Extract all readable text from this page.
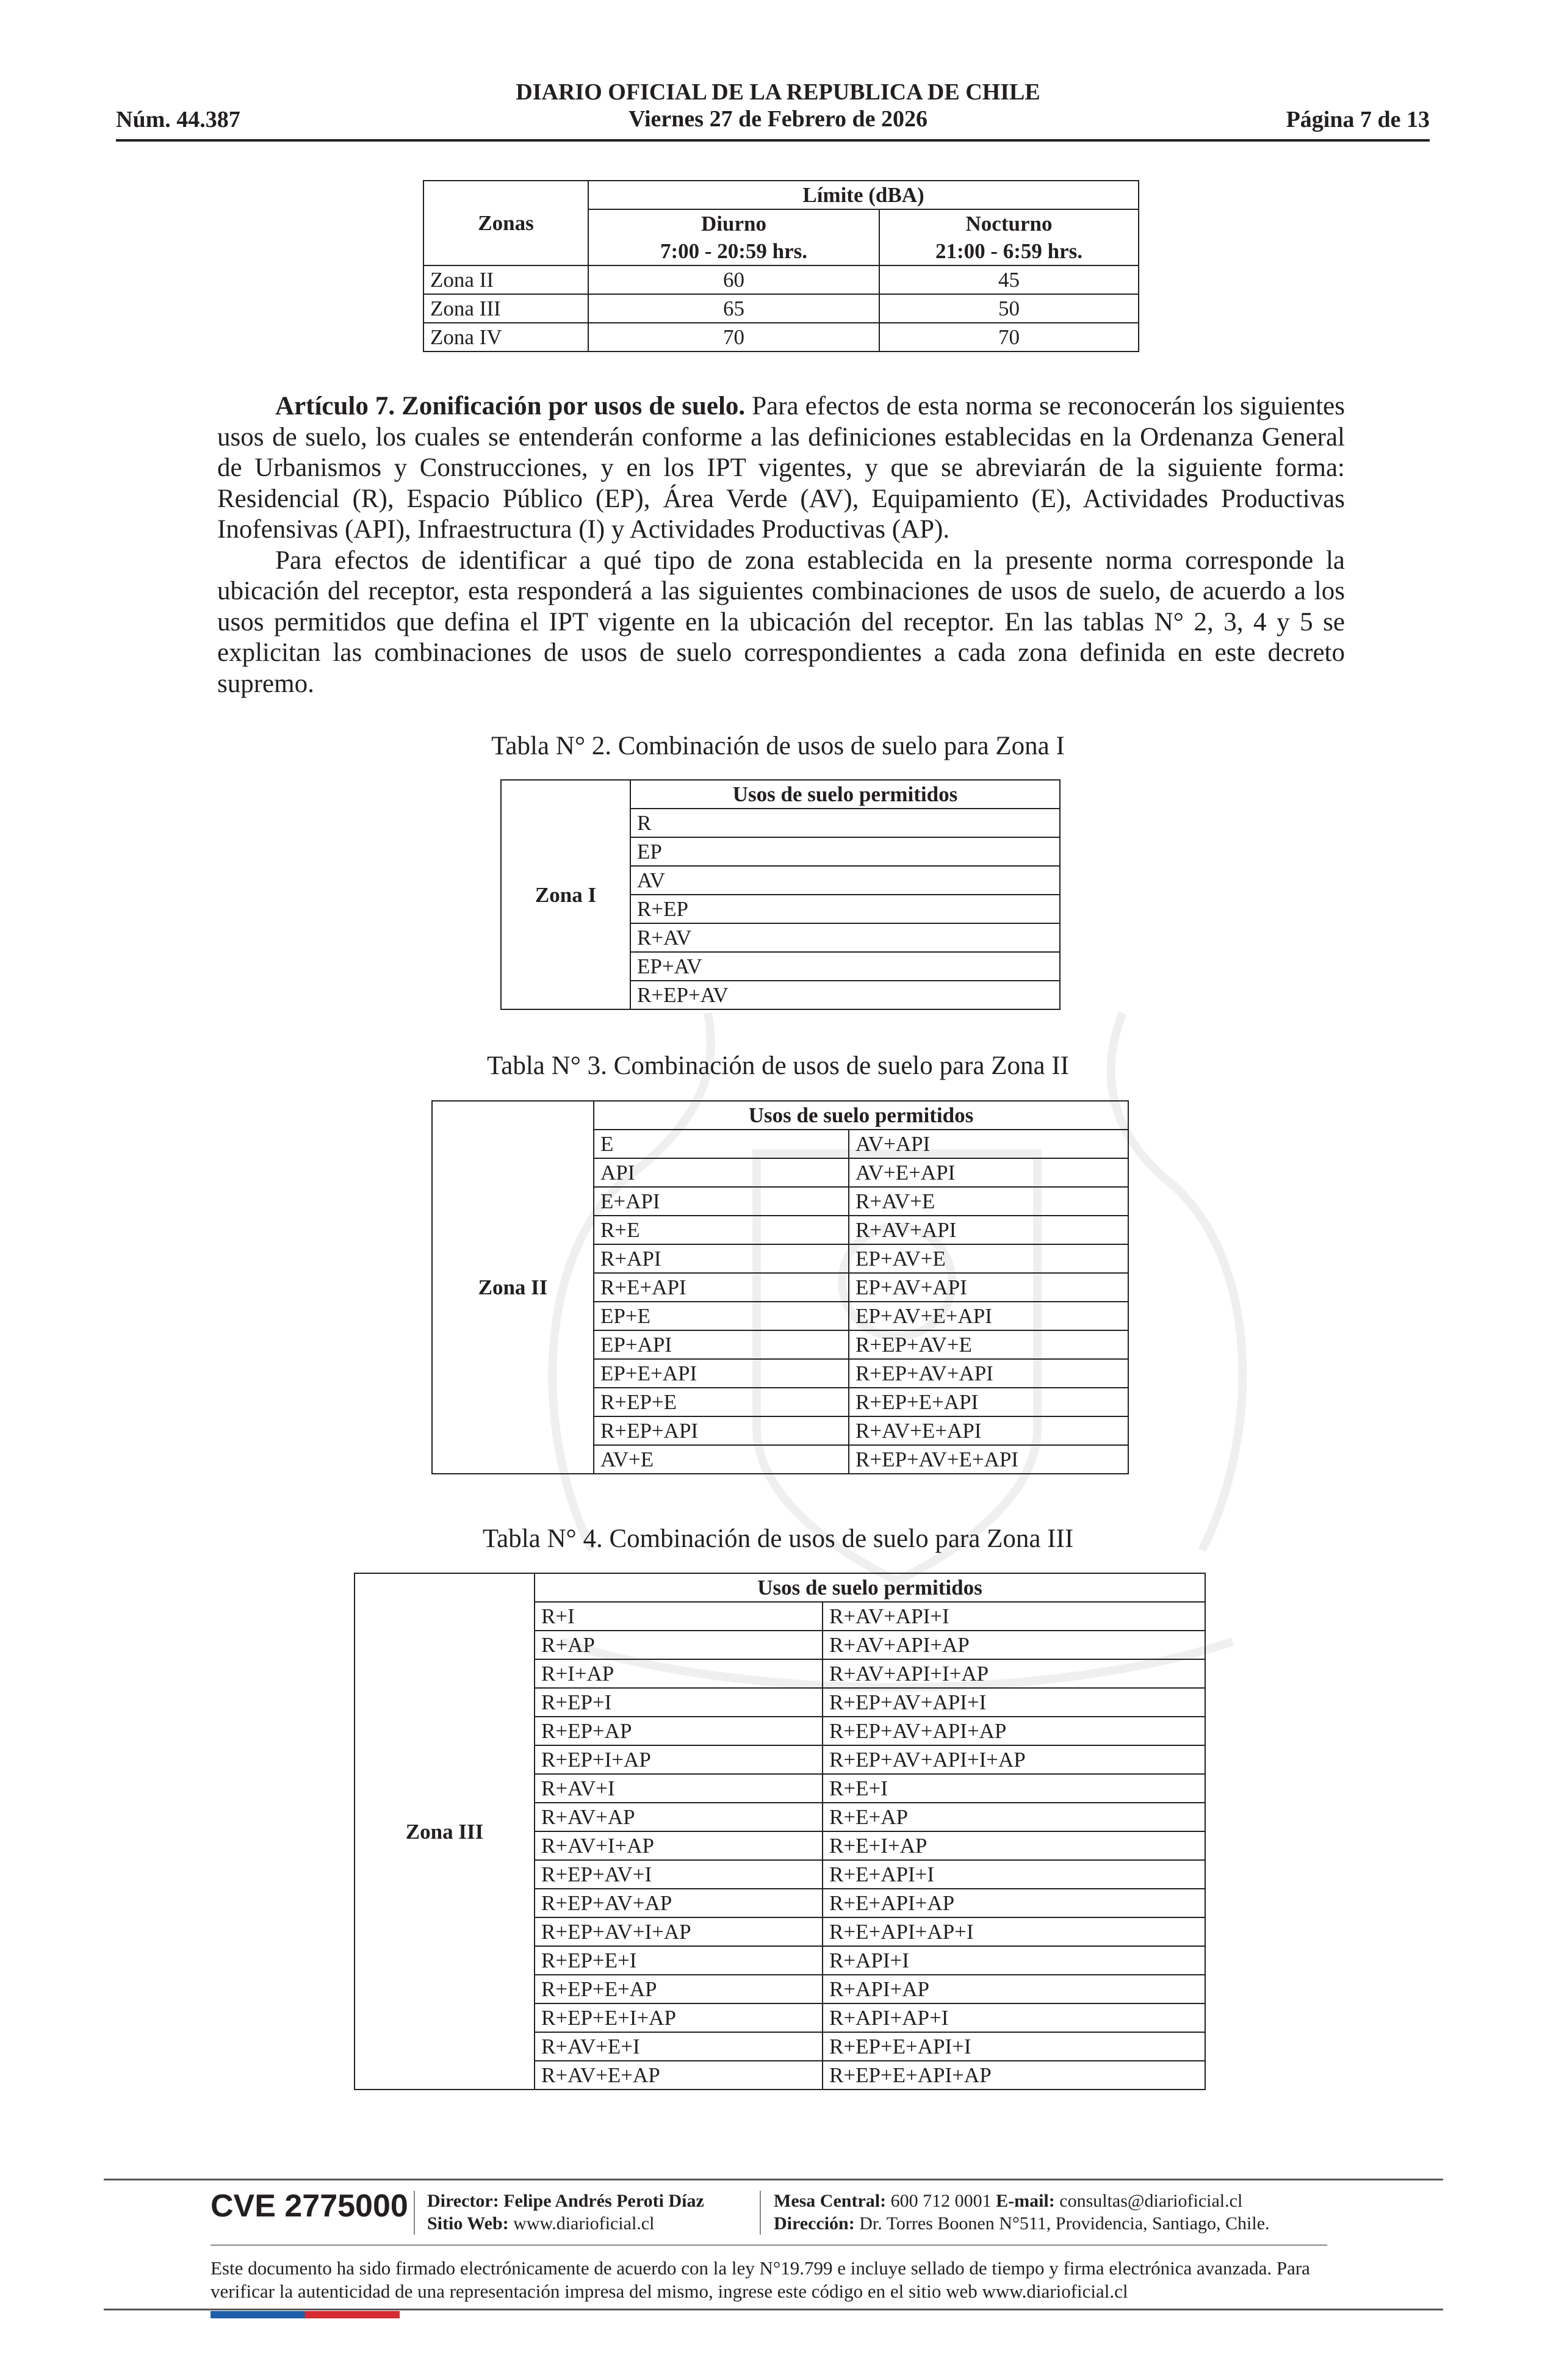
Núm. 44.387
DIARIO OFICIAL DE LA REPUBLICA DE CHILE
Viernes 27 de Febrero de 2026	Página 7 de 13
Zonas	Límite (dBA)	
	Diurno	Nocturno
	7:00 - 20:59 hrs.	21:00 - 6:59 hrs.
Zona II	60	45
Zona III	65	50
Zona IV	70	70

Artículo 7. Zonificación por usos de suelo. Para efectos de esta norma se reconocerán los siguientes usos de suelo, los cuales se entenderán conforme a las definiciones establecidas en la Ordenanza General de Urbanismos y Construcciones, y en los IPT vigentes, y que se abreviarán de la siguiente forma: Residencial (R), Espacio Público (EP), Área Verde (AV), Equipamiento (E), Actividades Productivas Inofensivas (API), Infraestructura (I) y Actividades Productivas (AP).

Para efectos de identificar a qué tipo de zona establecida en la presente norma corresponde la ubicación del receptor, esta responderá a las siguientes combinaciones de usos de suelo, de acuerdo a los usos permitidos que defina el IPT vigente en la ubicación del receptor. En las tablas N° 2, 3, 4 y 5 se explicitan las combinaciones de usos de suelo correspondientes a cada zona definida en este decreto supremo.

Tabla N° 2. Combinación de usos de suelo para Zona I
Zona I	Usos de suelo permitidos
R
EP
AV
R+EP
R+AV
EP+AV
R+EP+AV
Tabla N° 3. Combinación de usos de suelo para Zona II
Zona II	Usos de suelo permitidos	
	E	AV+API
	API	AV+E+API
	E+API	R+AV+E
	R+E	R+AV+API
	R+API	EP+AV+E
	R+E+API	EP+AV+API
	EP+E	EP+AV+E+API
	EP+API	R+EP+AV+E
	EP+E+API	R+EP+AV+API
	R+EP+E	R+EP+E+API
	R+EP+API	R+AV+E+API
	AV+E	R+EP+AV+E+API
Tabla N° 4. Combinación de usos de suelo para Zona III
Zona III	Usos de suelo permitidos	
	R+I	R+AV+API+I
	R+AP	R+AV+API+AP
	R+I+AP	R+AV+API+I+AP
	R+EP+I	R+EP+AV+API+I
	R+EP+AP	R+EP+AV+API+AP
	R+EP+I+AP	R+EP+AV+API+I+AP
	R+AV+I	R+E+I
	R+AV+AP	R+E+AP
	R+AV+I+AP	R+E+I+AP
	R+EP+AV+I	R+E+API+I
	R+EP+AV+AP	R+E+API+AP
	R+EP+AV+I+AP	R+E+API+AP+I
	R+EP+E+I	R+API+I
	R+EP+E+AP	R+API+AP
	R+EP+E+I+AP	R+API+AP+I
	R+AV+E+I	R+EP+E+API+I
	R+AV+E+AP	R+EP+E+API+AP
CVE 2775000 Director: Felipe Andrés Peroti Díaz
Sitio Web: www.diarioficial.cl
Mesa Central: 600 712 0001 E-mail: consultas@diarioficial.cl
Dirección: Dr. Torres Boonen N°511, Providencia, Santiago, Chile.
Este documento ha sido firmado electrónicamente de acuerdo con la ley N°19.799 e incluye sellado de tiempo y firma electrónica avanzada. Para verificar la autenticidad de una representación impresa del mismo, ingrese este código en el sitio web www.diarioficial.cl
